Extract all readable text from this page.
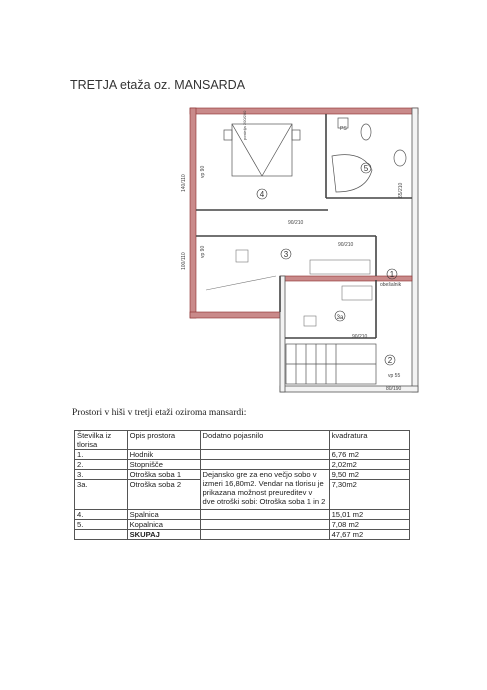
TRETJA etaža oz. MANSARDA
4
3
5
1
3a
2
90/210
90/210
90/210
80/190
vp 55
obešalnik
PS
140/110
100/110
vp 90
vp 90
65/210
postelja 200/200
Prostori v hiši v tretji etaži oziroma mansardi:
Številka iz tlorisa	Opis prostora	Dodatno pojasnilo	kvadratura
1.	Hodnik		6,76 m2
2.	Stopnišče		2,02m2
3.	Otroška soba 1	Dejansko gre za eno večjo sobo v izmeri 16,80m2. Vendar na tlorisu je prikazana možnost preureditev v dve otroški sobi: Otroška soba 1 in 2	9,50 m2
3a.	Otroška soba 2		7,30m2
4.	Spalnica		15,01 m2
5.	Kopalnica		7,08 m2
	SKUPAJ		47,67 m2
